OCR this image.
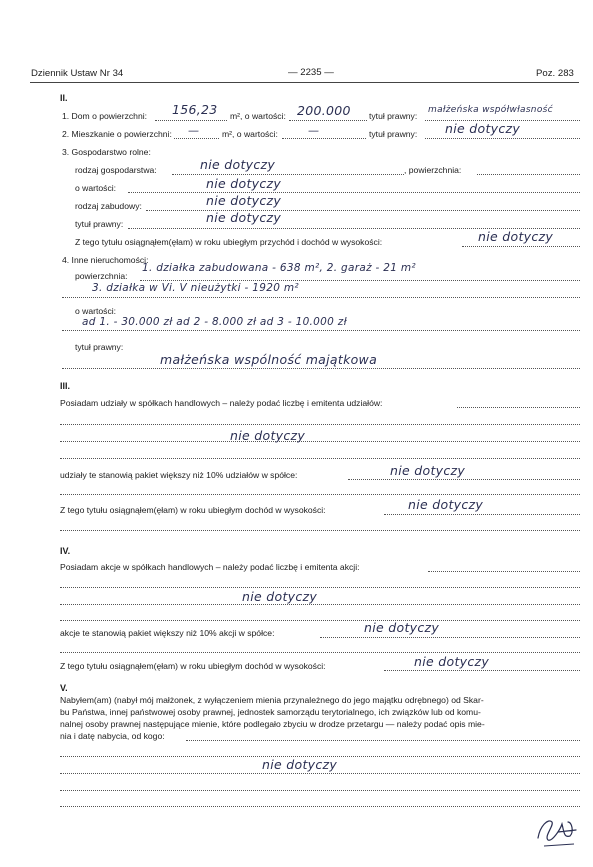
Dziennik Ustaw Nr 34	— 2235 —	Poz. 283
II.
1. Dom o powierzchni: 156,23 m², o wartości: 200.000 tytuł prawny:
małżeńska współwłasność
2. Mieszkanie o powierzchni: —	m², o wartości:	—	tytuł prawny: nie dotyczy
3. Gospodarstwo rolne:
rodzaj gospodarstwa:	nie dotyczy	, powierzchnia:
o wartości:	nie dotyczy
rodzaj zabudowy:	nie dotyczy
tytuł prawny:	nie dotyczy
Z tego tytułu osiągnąłem(ęłam) w roku ubiegłym przychód i dochód w wysokości:	nie dotyczy
4. Inne nieruchomości:
powierzchnia:
1. działka zabudowana - 638 m², 2. garaż - 21 m²
3. działka w Vi. V nieużytki - 1920 m²
o wartości:
ad 1. - 30.000 zł ad 2 - 8.000 zł ad 3 - 10.000 zł
tytuł prawny:
małżeńska wspólność majątkowa
III.
Posiadam udziały w spółkach handlowych – należy podać liczbę i emitenta udziałów:
nie dotyczy
udziały te stanowią pakiet większy niż 10% udziałów w spółce:	nie dotyczy
Z tego tytułu osiągnąłem(ęłam) w roku ubiegłym dochód w wysokości:	nie dotyczy
IV.
Posiadam akcje w spółkach handlowych – należy podać liczbę i emitenta akcji:
nie dotyczy
akcje te stanowią pakiet większy niż 10% akcji w spółce:	nie dotyczy
Z tego tytułu osiągnąłem(ęłam) w roku ubiegłym dochód w wysokości:	nie dotyczy
V.
Nabyłem(am) (nabył mój małżonek, z wyłączeniem mienia przynależnego do jego majątku odrębnego) od Skar-
bu Państwa, innej państwowej osoby prawnej, jednostek samorządu terytorialnego, ich związków lub od komu-
nalnej osoby prawnej następujące mienie, które podlegało zbyciu w drodze przetargu — należy podać opis mie-
nia i datę nabycia, od kogo:
nie dotyczy
